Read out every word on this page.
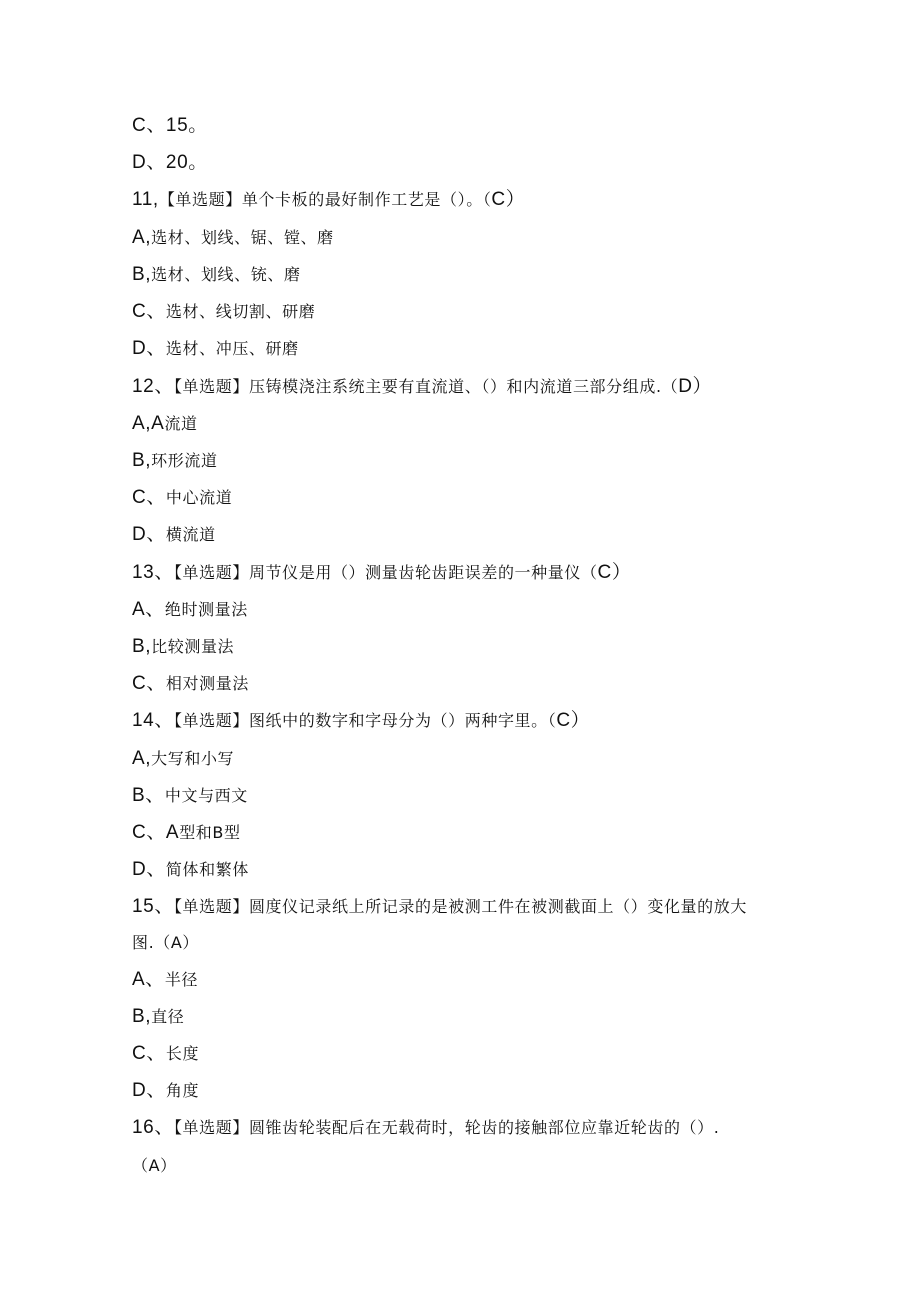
C、15。
D、20。
11,【单选题】单个卡板的最好制作工艺是（）。（C）
A,选材、划线、锯、镗、磨
B,选材、划线、铳、磨
C、选材、线切割、研磨
D、选材、冲压、研磨
12、【单选题】压铸模浇注系统主要有直流道、（）和内流道三部分组成.（D）
A,A流道
B,环形流道
C、中心流道
D、横流道
13、【单选题】周节仪是用（）测量齿轮齿距误差的一种量仪（C）
A、绝时测量法
B,比较测量法
C、相对测量法
14、【单选题】图纸中的数字和字母分为（）两种字里。（C）
A,大写和小写
B、中文与西文
C、A型和B型
D、简体和繁体
15、【单选题】圆度仪记录纸上所记录的是被测工件在被测截面上（）变化量的放大
图.（A）
A、半径
B,直径
C、长度
D、角度
16、【单选题】圆锥齿轮装配后在无载荷时，轮齿的接触部位应靠近轮齿的（）.
（A）
